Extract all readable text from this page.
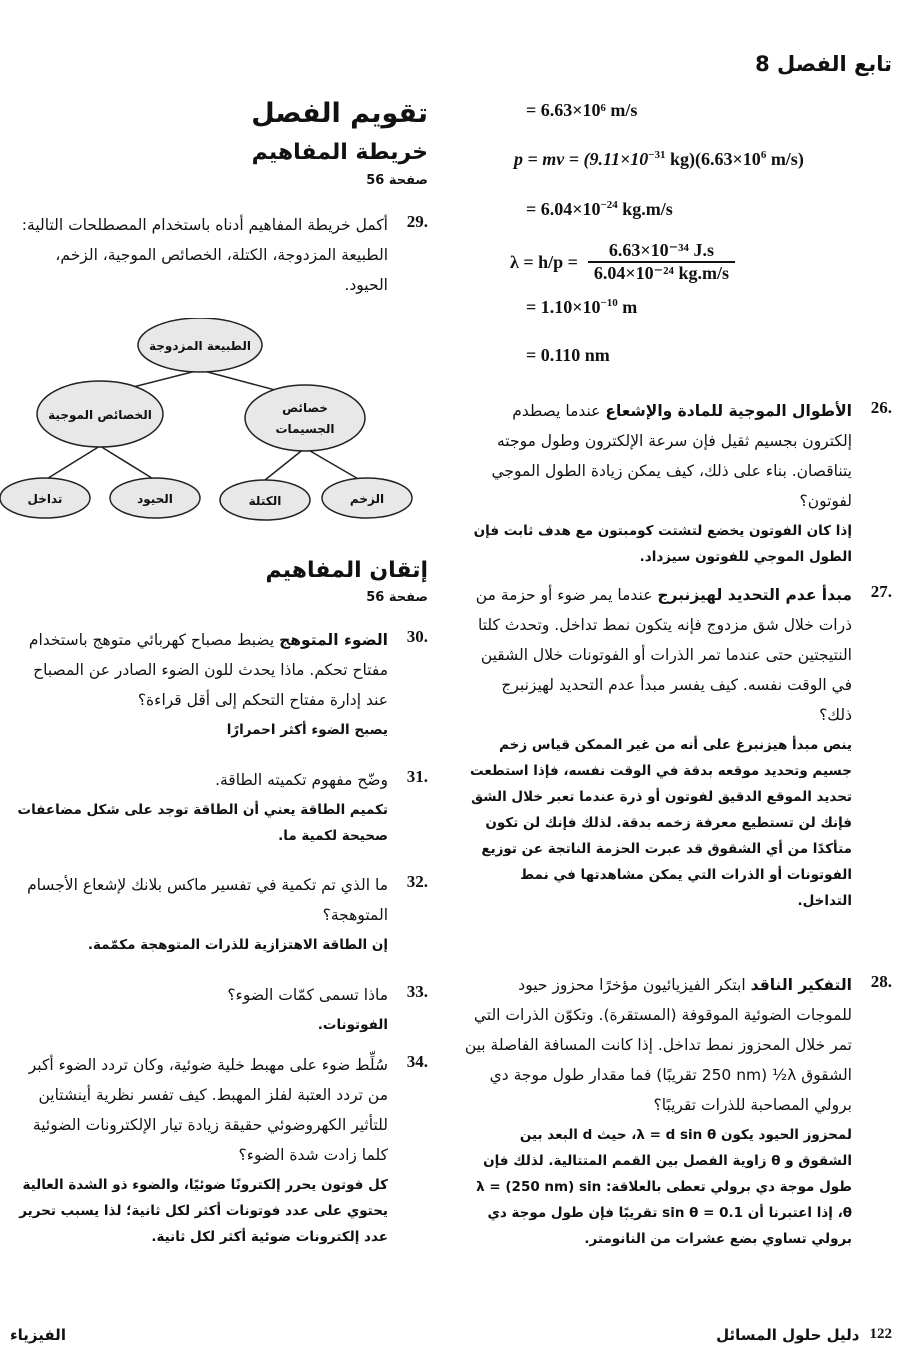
تابع الفصل 8
= 6.63×10⁶ m/s
p = mv = ($9.11\times 10^{-31}$ $kg)(6.63\times 10^6$ m/s)
= $6.04\times 10^{-24}$ kg.m/s
$\lambda = h/p = \frac{\text{6.63×10⁻³⁴ J.s}}{\text{6.04×10⁻²⁴ kg.m/s}}$
= $1.10\times 10^{-10}$ m
= 0.110 nm
.26

الأطوال الموجية للمادة والإشعاع عندما يصطدم إلكترون بجسيم ثقيل فإن سرعة الإلكترون وطول موجته يتناقصان. بناء على ذلك، كيف يمكن زيادة الطول الموجي لفوتون؟

إذا كان الفوتون يخضع لتشتت كومبتون مع هدف ثابت فإن الطول الموجي للفوتون سيزداد.

.27

مبدأ عدم التحديد لهيزنبرج عندما يمر ضوء أو حزمة من ذرات خلال شق مزدوج فإنه يتكون نمط تداخل. وتحدث كلتا النتيجتين حتى عندما تمر الذرات أو الفوتونات خلال الشقين في الوقت نفسه. كيف يفسر مبدأ عدم التحديد لهيزنبرج ذلك؟

ينص مبدأ هيزنبرغ على أنه من غير الممكن قياس زخم جسيم وتحديد موقعه بدقة في الوقت نفسه، فإذا استطعت تحديد الموقع الدقيق لفوتون أو ذرة عندما تعبر خلال الشق فإنك لن تستطيع معرفة زخمه بدقة. لذلك فإنك لن تكون متأكدًا من أي الشقوق قد عبرت الحزمة الناتجة عن توزيع الفوتونات أو الذرات التي يمكن مشاهدتها في نمط التداخل.

.28

التفكير الناقد ابتكر الفيزيائيون مؤخرًا محزوز حيود للموجات الضوئية الموقوفة (المستقرة). وتكوّن الذرات التي تمر خلال المحزوز نمط تداخل. إذا كانت المسافة الفاصلة بين الشقوق λ½ (250 nm تقريبًا) فما مقدار طول موجة دي برولي المصاحبة للذرات تقريبًا؟

لمحزوز الحيود يكون λ = d sin θ، حيث d البعد بين الشقوق و θ زاوية الفصل بين القمم المتتالية. لذلك فإن طول موجة دي برولي تعطى بالعلاقة: λ = (250 nm) sin θ، إذا اعتبرنا أن sin θ = 0.1 تقريبًا فإن طول موجة دي برولي تساوي بضع عشرات من النانومتر.

تقويم الفصل
خريطة المفاهيم
صفحة 56
.29

أكمل خريطة المفاهيم أدناه باستخدام المصطلحات التالية: الطبيعة المزدوجة، الكتلة، الخصائص الموجية، الزخم، الحيود.

الطبيعة المزدوجة
الخصائص الموجية	خصائص
الجسيمات
تداخل	الحيود	الكتلة	الزخم
إتقان المفاهيم
صفحة 56
.30

الضوء المتوهج يضبط مصباح كهربائي متوهج باستخدام مفتاح تحكم. ماذا يحدث للون الضوء الصادر عن المصباح عند إدارة مفتاح التحكم إلى أقل قراءة؟

يصبح الضوء أكثر احمرارًا

.31

وضّح مفهوم تكميته الطاقة.

تكميم الطاقة يعني أن الطاقة توجد على شكل مضاعفات صحيحة لكمية ما.

.32

ما الذي تم تكمية في تفسير ماكس بلانك لإشعاع الأجسام المتوهجة؟

إن الطاقة الاهتزازية للذرات المتوهجة مكمّمة.

.33

ماذا تسمى كمّات الضوء؟

الفوتونات.

.34

سُلِّط ضوء على مهبط خلية ضوئية، وكان تردد الضوء أكبر من تردد العتبة لفلز المهبط. كيف تفسر نظرية أينشتاين للتأثير الكهروضوئي حقيقة زيادة تيار الإلكترونات الضوئية كلما زادت شدة الضوء؟

كل فوتون يحرر إلكترونًا ضوئيًا، والضوء ذو الشدة العالية يحتوي على عدد فوتونات أكثر لكل ثانية؛ لذا يسبب تحرير عدد إلكترونات ضوئية أكثر لكل ثانية.

122
دليل حلول المسائل
الفيزياء
